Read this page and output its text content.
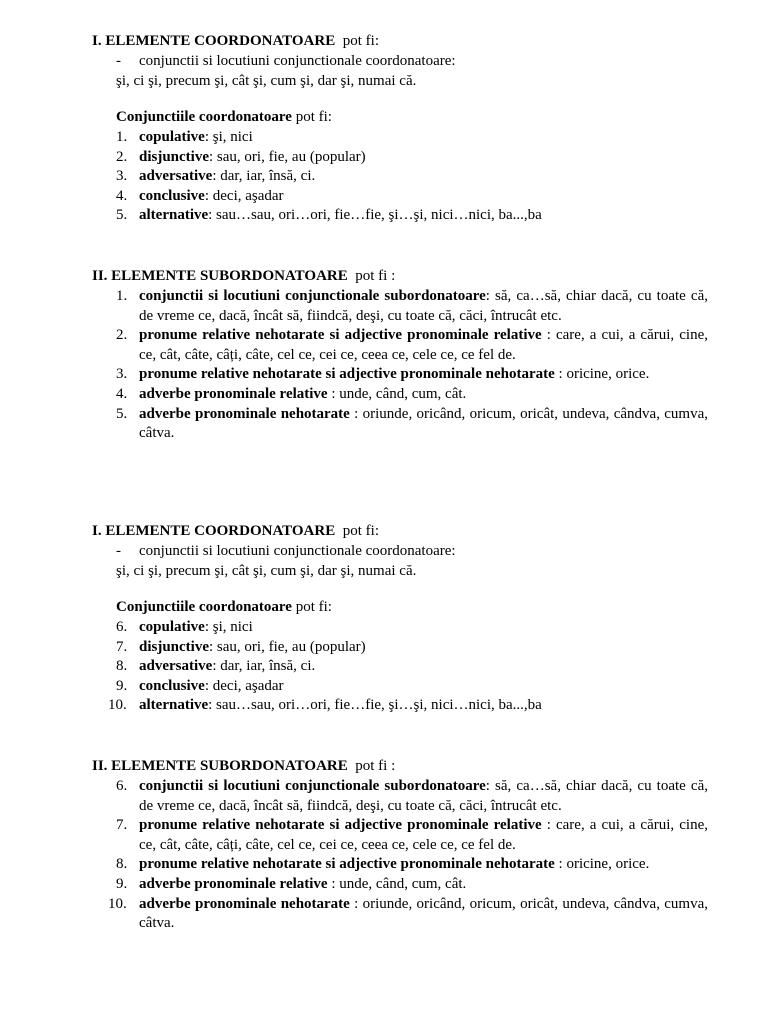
I. ELEMENTE COORDONATOARE pot fi:
- conjunctii si locutiuni conjunctionale coordonatoare:
şi, ci şi, precum şi, cât şi, cum şi, dar şi, numai că.
Conjunctiile coordonatoare pot fi:
1. copulative: şi, nici
2. disjunctive: sau, ori, fie, au (popular)
3. adversative: dar, iar, însă, ci.
4. conclusive: deci, aşadar
5. alternative: sau…sau, ori…ori, fie…fie, şi…şi, nici…nici, ba...,ba
II. ELEMENTE SUBORDONATOARE pot fi :
1. conjunctii si locutiuni conjunctionale subordonatoare: să, ca…să, chiar dacă, cu toate că, de vreme ce, dacă, încât să, fiindcă, deşi, cu toate că, căci, întrucât etc.
2. pronume relative nehotarate si adjective pronominale relative : care, a cui, a cărui, cine, ce, cât, câte, câți, câte, cel ce, cei ce, ceea ce, cele ce, ce fel de.
3. pronume relative nehotarate si adjective pronominale nehotarate : oricine, orice.
4. adverbe pronominale relative : unde, când, cum, cât.
5. adverbe pronominale nehotarate : oriunde, oricând, oricum, oricât, undeva, cândva, cumva, câtva.
I. ELEMENTE COORDONATOARE pot fi:
- conjunctii si locutiuni conjunctionale coordonatoare:
şi, ci şi, precum şi, cât şi, cum şi, dar şi, numai că.
Conjunctiile coordonatoare pot fi:
6. copulative: şi, nici
7. disjunctive: sau, ori, fie, au (popular)
8. adversative: dar, iar, însă, ci.
9. conclusive: deci, aşadar
10. alternative: sau…sau, ori…ori, fie…fie, şi…şi, nici…nici, ba...,ba
II. ELEMENTE SUBORDONATOARE pot fi :
6. conjunctii si locutiuni conjunctionale subordonatoare: să, ca…să, chiar dacă, cu toate că, de vreme ce, dacă, încât să, fiindcă, deşi, cu toate că, căci, întrucât etc.
7. pronume relative nehotarate si adjective pronominale relative : care, a cui, a cărui, cine, ce, cât, câte, câți, câte, cel ce, cei ce, ceea ce, cele ce, ce fel de.
8. pronume relative nehotarate si adjective pronominale nehotarate : oricine, orice.
9. adverbe pronominale relative : unde, când, cum, cât.
10. adverbe pronominale nehotarate : oriunde, oricând, oricum, oricât, undeva, cândva, cumva, câtva.
